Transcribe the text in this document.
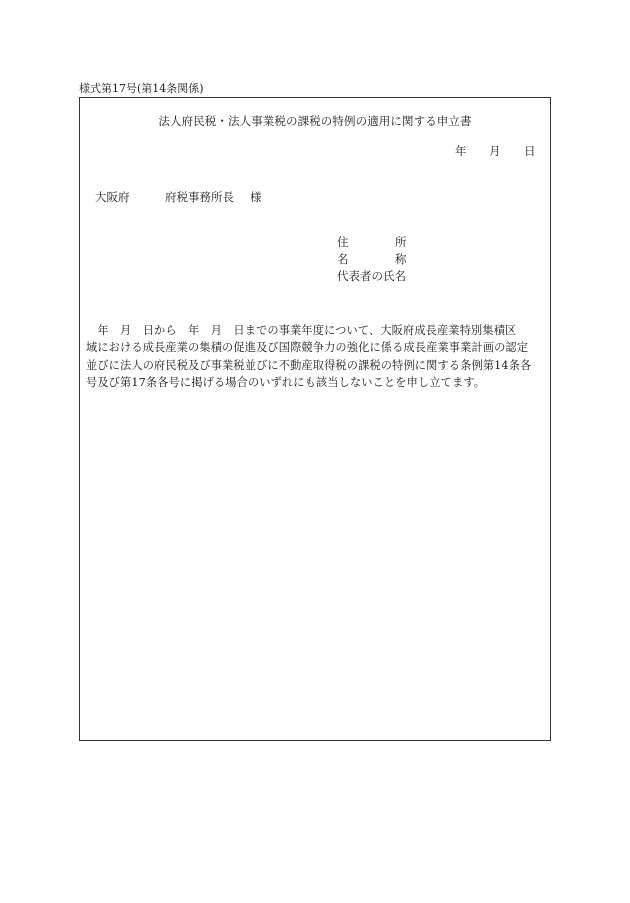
様式第17号(第14条関係)
法人府民税・法人事業税の課税の特例の適用に関する申立書
年 月 日
大阪府	府税事務所長 様
住	所
名	称
代表者の氏名
　年　月　日から　年　月　日までの事業年度について、大阪府成長産業特別集積区
域における成長産業の集積の促進及び国際競争力の強化に係る成長産業事業計画の認定
並びに法人の府民税及び事業税並びに不動産取得税の課税の特例に関する条例第14条各
号及び第17条各号に掲げる場合のいずれにも該当しないことを申し立てます。
